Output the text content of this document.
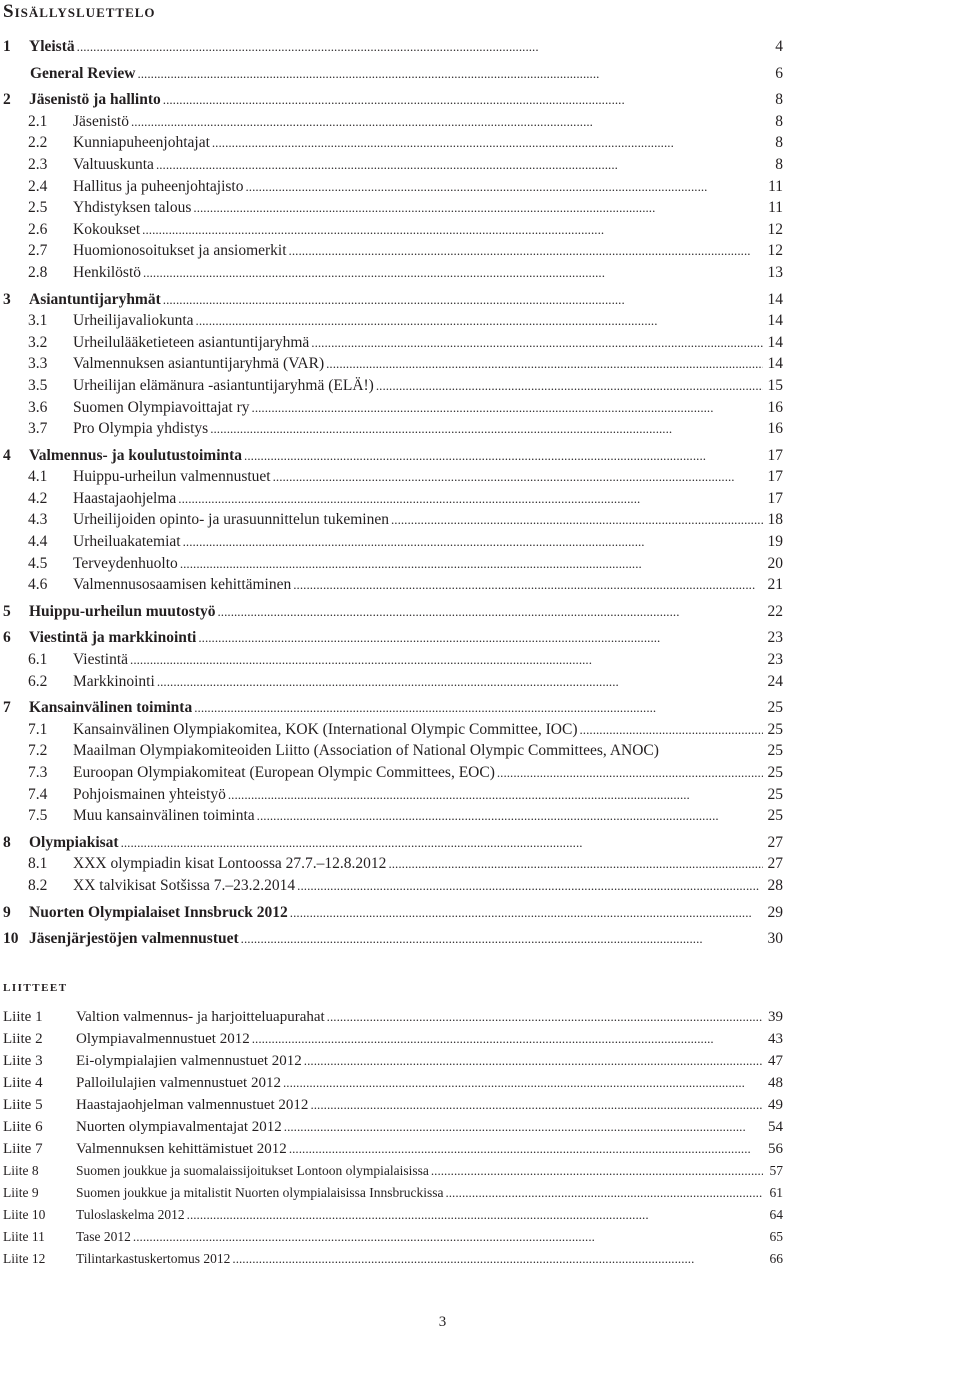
Sisällysluettelo
1	Yleistä . . .	4
General Review . . .	6
2	Jäsenistö ja hallinto . . .	8
2.1	Jäsenistö . . .	8
2.2	Kunniapuheenjohtajat . . .	8
2.3	Valtuuskunta . . .	8
2.4	Hallitus ja puheenjohtajisto . . .	11
2.5	Yhdistyksen talous . . .	11
2.6	Kokoukset . . .	12
2.7	Huomionosoitukset ja ansiomerkit . . .	12
2.8	Henkilöstö . . .	13
3	Asiantuntijaryhmät . . .	14
3.1	Urheilijavaliokunta . . .	14
3.2	Urheilulääketieteen asiantuntijaryhmä . . .	14
3.3	Valmennuksen asiantuntijaryhmä (VAR) . . .	14
3.5	Urheilijan elämänura -asiantuntijaryhmä (ELÄ!) . . .	15
3.6	Suomen Olympiavoittajat ry . . .	16
3.7	Pro Olympia yhdistys . . .	16
4	Valmennus- ja koulutustoiminta . . .	17
4.1	Huippu-urheilun valmennustuet . . .	17
4.2	Haastajaohjelma . . .	17
4.3	Urheilijoiden opinto- ja urasuunnittelun tukeminen . . .	18
4.4	Urheiluakatemiat . . .	19
4.5	Terveydenhuolto . . .	20
4.6	Valmennusosaamisen kehittäminen . . .	21
5	Huippu-urheilun muutostyö . . .	22
6	Viestintä ja markkinointi . . .	23
6.1	Viestintä . . .	23
6.2	Markkinointi . . .	24
7	Kansainvälinen toiminta . . .	25
7.1	Kansainvälinen Olympiakomitea, KOK (International Olympic Committee, IOC) . . .	25
7.2	Maailman Olympiakomiteoiden Liitto (Association of National Olympic Committees, ANOC)	25
7.3	Euroopan Olympiakomiteat (European Olympic Committees, EOC) . . .	25
7.4	Pohjoismainen yhteistyö . . .	25
7.5	Muu kansainvälinen toiminta . . .	25
8	Olympiakisat . . .	27
8.1	XXX olympiadin kisat Lontoossa 27.7.–12.8.2012 . . .	27
8.2	XX talvikisat Sotšissa 7.–23.2.2014 . . .	28
9	Nuorten Olympialaiset Innsbruck 2012 . . .	29
10 Jäsenjärjestöjen valmennustuet . . .	30
liitteet
Liite 1	Valtion valmennus- ja harjoitteluapurahat . . .	39
Liite 2	Olympiavalmennustuet 2012 . . .	43
Liite 3	Ei-olympialajien valmennustuet 2012 . . .	47
Liite 4	Palloilulajien valmennustuet 2012 . . .	48
Liite 5	Haastajaohjelman valmennustuet 2012 . . .	49
Liite 6	Nuorten olympiavalmentajat 2012 . . .	54
Liite 7	Valmennuksen kehittämistuet 2012 . . .	56
Liite 8	Suomen joukkue ja suomalaissijoitukset Lontoon olympialaisissa . . .	57
Liite 9	Suomen joukkue ja mitalistit Nuorten olympialaisissa Innsbruckissa . . .	61
Liite 10	Tuloslaskelma 2012 . . .	64
Liite 11	Tase 2012 . . .	65
Liite 12	Tilintarkastuskertomus 2012 . . .	66
3
